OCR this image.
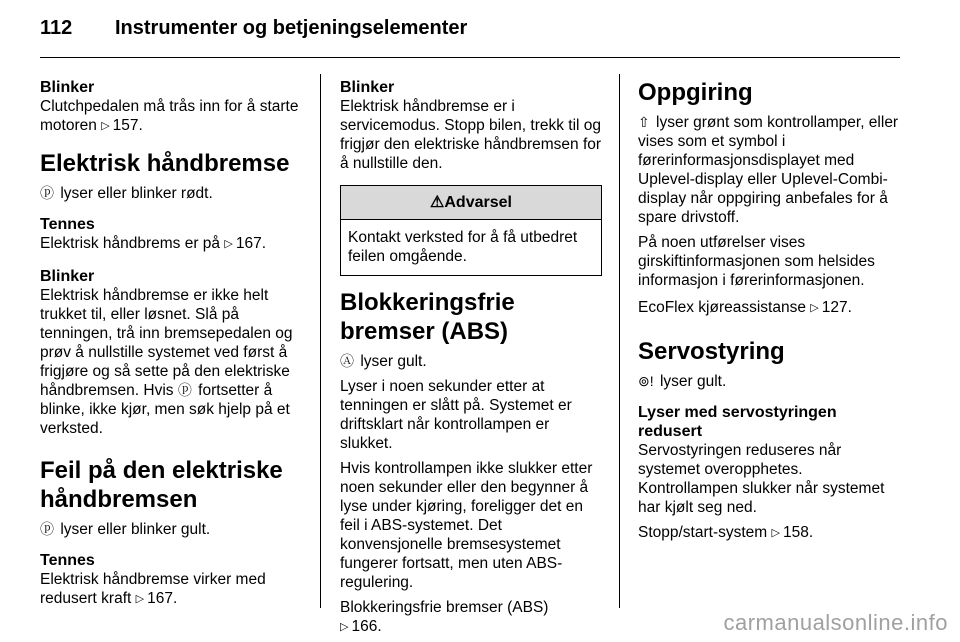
112 Instrumenter og betjeningselementer

Blinker

Clutchpedalen må trås inn for å starte motoren ▷ 157.

Elektrisk håndbremse

ⓟ lyser eller blinker rødt.

Tennes

Elektrisk håndbrems er på ▷ 167.

Blinker

Elektrisk håndbremse er ikke helt trukket til, eller løsnet. Slå på tenningen, trå inn bremsepedalen og prøv å nullstille systemet ved først å frigjøre og så sette på den elektriske håndbremsen. Hvis ⓟ fortsetter å blinke, ikke kjør, men søk hjelp på et verksted.

Feil på den elektriske håndbremsen

ⓟ lyser eller blinker gult.

Tennes

Elektrisk håndbremse virker med redusert kraft ▷ 167.

Blinker

Elektrisk håndbremse er i servicemodus. Stopp bilen, trekk til og frigjør den elektriske håndbremsen for å nullstille den.

⚠Advarsel
Kontakt verksted for å få utbedret feilen omgående.

Blokkeringsfrie bremser (ABS)

Ⓐ lyser gult.

Lyser i noen sekunder etter at tenningen er slått på. Systemet er driftsklart når kontrollampen er slukket.

Hvis kontrollampen ikke slukker etter noen sekunder eller den begynner å lyse under kjøring, foreligger det en feil i ABS-systemet. Det konvensjonelle bremsesystemet fungerer fortsatt, men uten ABS-regulering.

Blokkeringsfrie bremser (ABS)
▷ 166.

Oppgiring

⇧ lyser grønt som kontrollamper, eller vises som et symbol i førerinformasjonsdisplayet med Uplevel-display eller Uplevel-Combi-display når oppgiring anbefales for å spare drivstoff.

På noen utførelser vises girskiftinformasjonen som helsides informasjon i førerinformasjonen.

EcoFlex kjøreassistanse ▷ 127.

Servostyring

⊚! lyser gult.

Lyser med servostyringen redusert

Servostyringen reduseres når systemet overopphetes. Kontrollampen slukker når systemet har kjølt seg ned.

Stopp/start-system ▷ 158.

carmanualsonline.info
